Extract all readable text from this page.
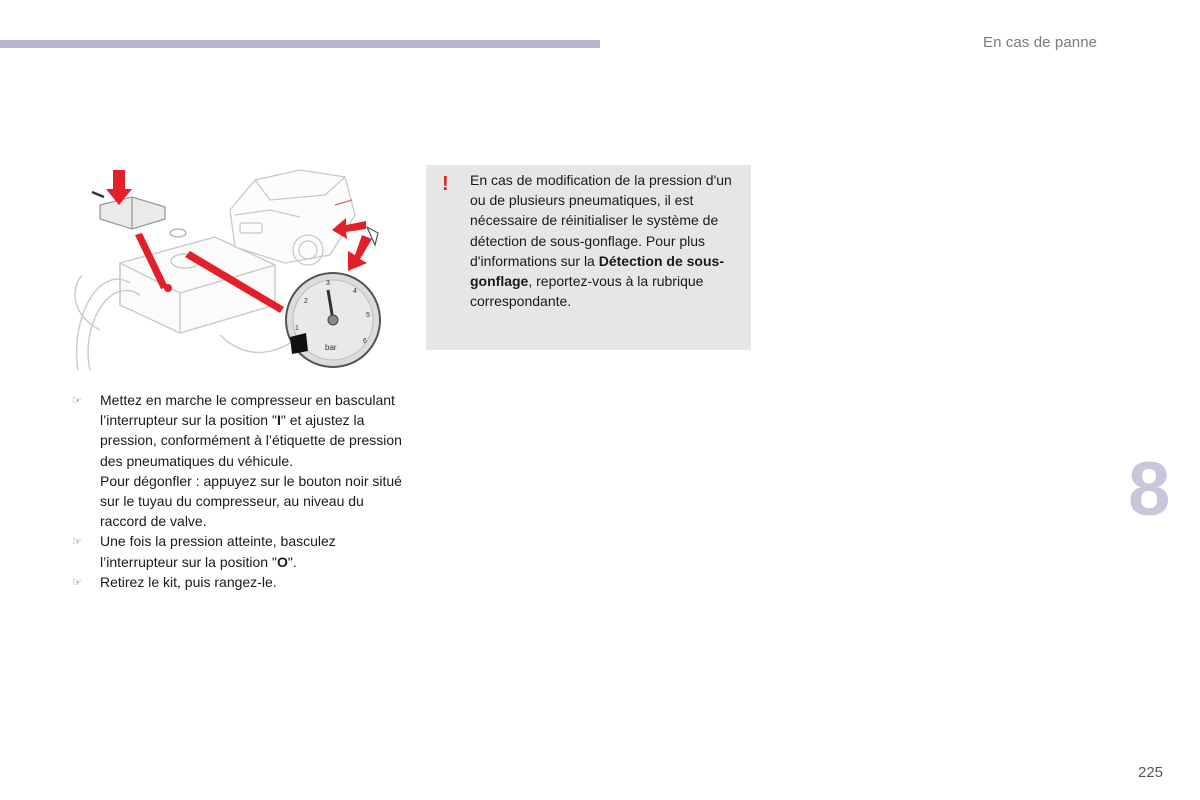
En cas de panne
1
2
3
4
5
6
bar
☞ Mettez en marche le compresseur en basculant l’interrupteur sur la position "I" et ajustez la pression, conformément à l’étiquette de pression des pneumatiques du véhicule.
Pour dégonfler : appuyez sur le bouton noir situé sur le tuyau du compresseur, au niveau du raccord de valve.
☞ Une fois la pression atteinte, basculez l’interrupteur sur la position "O".
☞ Retirez le kit, puis rangez-le.
! En cas de modification de la pression d'un ou de plusieurs pneumatiques, il est nécessaire de réinitialiser le système de détection de sous-gonflage. Pour plus d'informations sur la Détection de sous-gonflage, reportez-vous à la rubrique correspondante.
8
225
